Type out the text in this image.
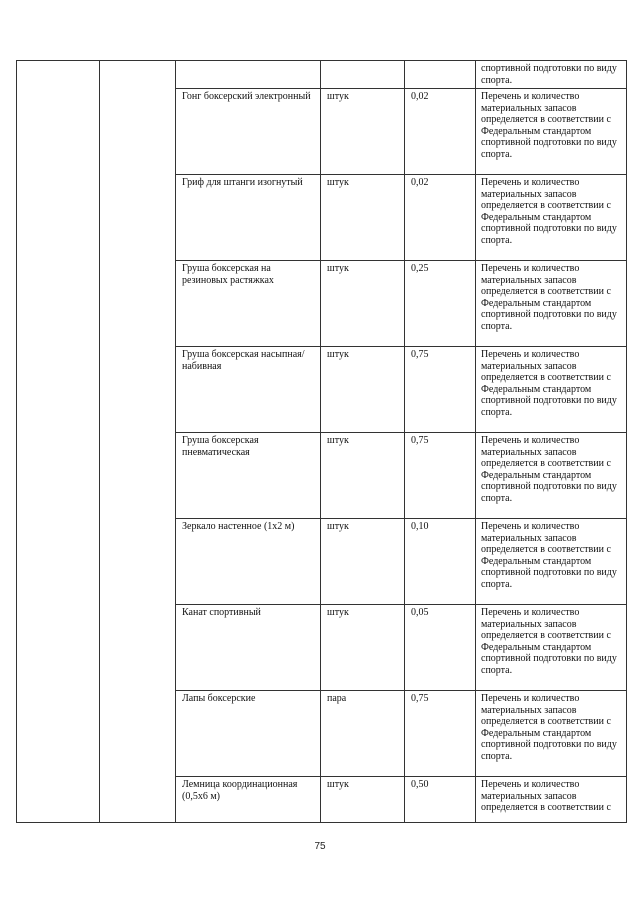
					спортивной подготовки по виду спорта.
		Гонг боксерский электронный	штук	0,02	Перечень и количество материальных запасов определяется в соответствии с Федеральным стандартом спортивной подготовки по виду спорта.
		Гриф для штанги изогнутый	штук	0,02	Перечень и количество материальных запасов определяется в соответствии с Федеральным стандартом спортивной подготовки по виду спорта.
		Груша боксерская на резиновых растяжках	штук	0,25	Перечень и количество материальных запасов определяется в соответствии с Федеральным стандартом спортивной подготовки по виду спорта.
		Груша боксерская насыпная/набивная	штук	0,75	Перечень и количество материальных запасов определяется в соответствии с Федеральным стандартом спортивной подготовки по виду спорта.
		Груша боксерская пневматическая	штук	0,75	Перечень и количество материальных запасов определяется в соответствии с Федеральным стандартом спортивной подготовки по виду спорта.
		Зеркало настенное (1x2 м)	штук	0,10	Перечень и количество материальных запасов определяется в соответствии с Федеральным стандартом спортивной подготовки по виду спорта.
		Канат спортивный	штук	0,05	Перечень и количество материальных запасов определяется в соответствии с Федеральным стандартом спортивной подготовки по виду спорта.
		Лапы боксерские	пара	0,75	Перечень и количество материальных запасов определяется в соответствии с Федеральным стандартом спортивной подготовки по виду спорта.
		Лемница координационная (0,5x6 м)	штук	0,50	Перечень и количество материальных запасов определяется в соответствии с
75
